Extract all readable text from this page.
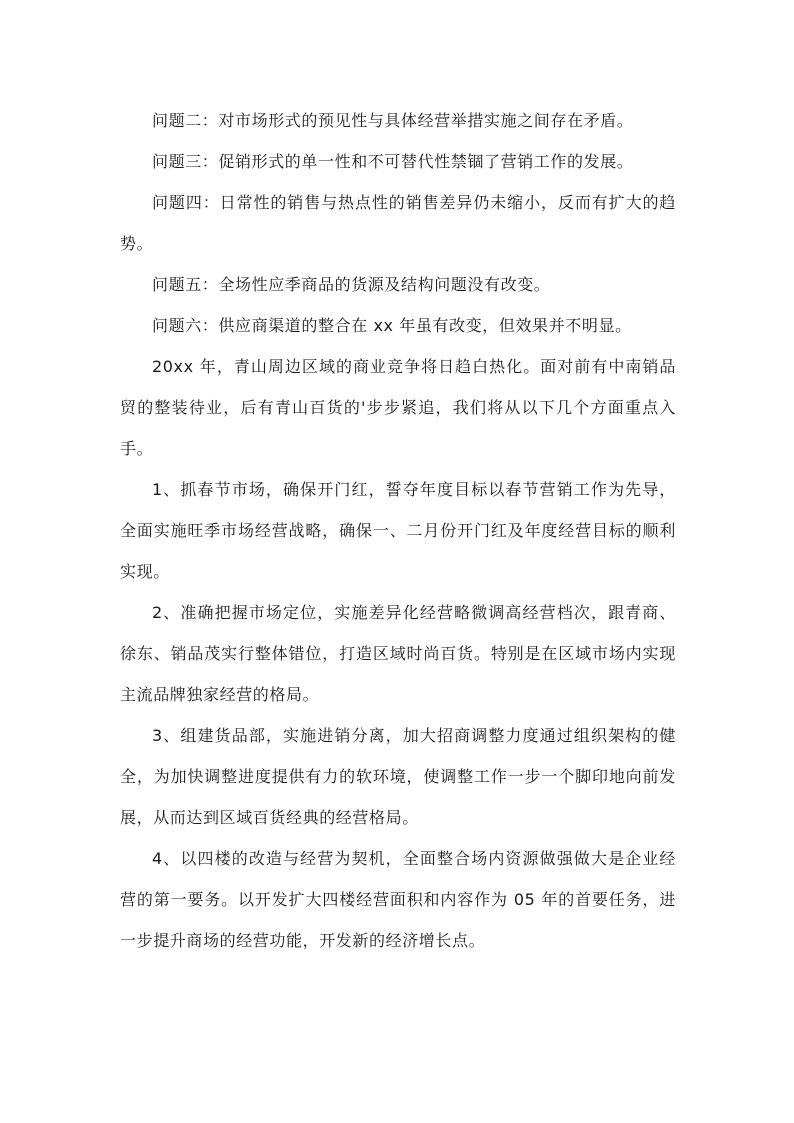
问题二：对市场形式的预见性与具体经营举措实施之间存在矛盾。

问题三：促销形式的单一性和不可替代性禁锢了营销工作的发展。

问题四：日常性的销售与热点性的销售差异仍未缩小，反而有扩大的趋势。

问题五：全场性应季商品的货源及结构问题没有改变。

问题六：供应商渠道的整合在 xx 年虽有改变，但效果并不明显。

20xx 年，青山周边区域的商业竞争将日趋白热化。面对前有中南销品贸的整装待业，后有青山百货的'步步紧追，我们将从以下几个方面重点入手。

1、抓春节市场，确保开门红，誓夺年度目标以春节营销工作为先导，全面实施旺季市场经营战略，确保一、二月份开门红及年度经营目标的顺利实现。

2、准确把握市场定位，实施差异化经营略微调高经营档次，跟青商、徐东、销品茂实行整体错位，打造区域时尚百货。特别是在区域市场内实现主流品牌独家经营的格局。

3、组建货品部，实施进销分离，加大招商调整力度通过组织架构的健全，为加快调整进度提供有力的软环境，使调整工作一步一个脚印地向前发展，从而达到区域百货经典的经营格局。

4、以四楼的改造与经营为契机，全面整合场内资源做强做大是企业经营的第一要务。以开发扩大四楼经营面积和内容作为 05 年的首要任务，进一步提升商场的经营功能，开发新的经济增长点。
